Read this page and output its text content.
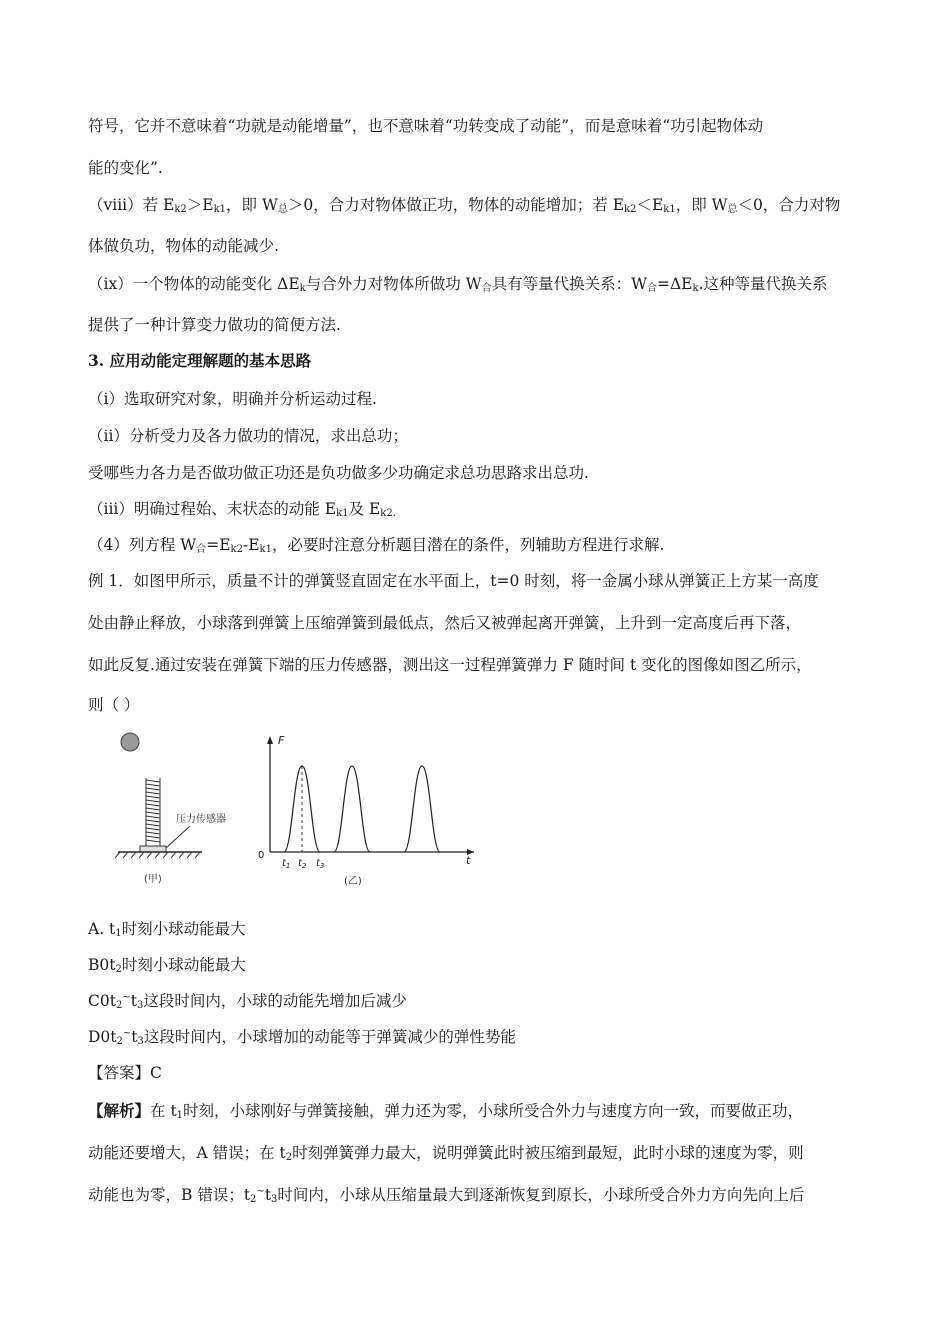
符号，它并不意味着“功就是动能增量”，也不意味着“功转变成了动能”，而是意味着“功引起物体动
能的变化”.
（viii）若 $E_{k2}>E_{k1}$，即 $W_总>0$，合力对物体做正功，物体的动能增加；若 $E_{k2}<E_{k1}$，即 $W_总<0$，合力对物
体做负功，物体的动能减少.
（ix）一个物体的动能变化 $\Delta E_k$与合外力对物体所做功 $W_合$具有等量代换关系：$W_合=\Delta E_k$.这种等量代换关系
提供了一种计算变力做功的简便方法.
3. 应用动能定理解题的基本思路
（i）选取研究对象，明确并分析运动过程.
（ii）分析受力及各力做功的情况，求出总功；
受哪些力各力是否做功做正功还是负功做多少功确定求总功思路求出总功.
（iii）明确过程始、末状态的动能 $E_{k1}$及 $E_{k2.}$
（4）列方程 $W_合=E_{k2}-E_{k1}$，必要时注意分析题目潜在的条件，列辅助方程进行求解.
例 1．如图甲所示，质量不计的弹簧竖直固定在水平面上，t=0 时刻，将一金属小球从弹簧正上方某一高度
处由静止释放，小球落到弹簧上压缩弹簧到最低点，然后又被弹起离开弹簧，上升到一定高度后再下落，
如此反复.通过安装在弹簧下端的压力传感器，测出这一过程弹簧弹力 F 随时间 t 变化的图像如图乙所示，
则（ ）
压力传感器
(甲)
F
t
0
$t_1$ $t_2$ $t_3$
(乙)
A. $t_1$时刻小球动能最大
$B0t_2$时刻小球动能最大
$C0t_2^\sim t_3$这段时间内，小球的动能先增加后减少
$D0t_2^\sim t_3$这段时间内，小球增加的动能等于弹簧减少的弹性势能
【答案】C
【解析】在 $t_1$时刻，小球刚好与弹簧接触，弹力还为零，小球所受合外力与速度方向一致，而要做正功，
动能还要增大，A 错误；在 $t_2$时刻弹簧弹力最大，说明弹簧此时被压缩到最短，此时小球的速度为零，则
动能也为零，B 错误；$t_2^\sim t_3$时间内，小球从压缩量最大到逐渐恢复到原长，小球所受合外力方向先向上后
